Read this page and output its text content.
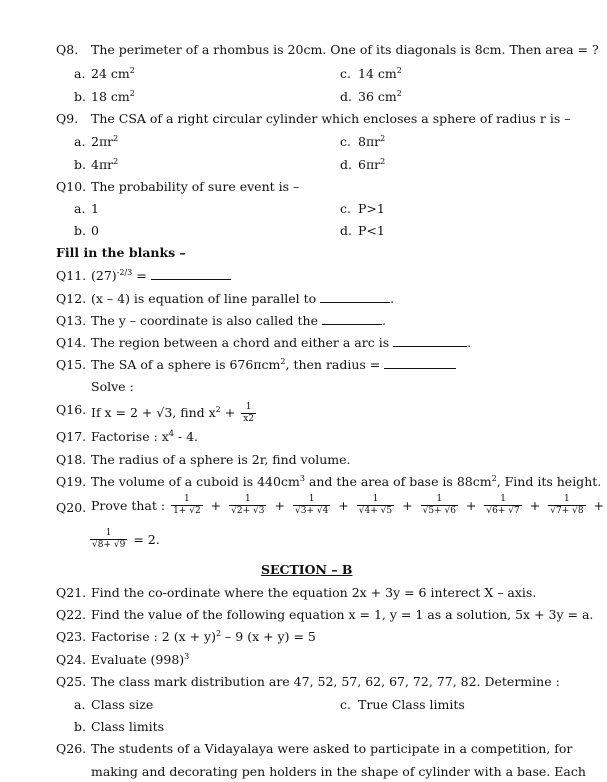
Q8. The perimeter of a rhombus is 20cm. One of its diagonals is 8cm. Then area = ?
a. 24 $cm^2$	c. 14 $cm^2$
b. 18 $cm^2$	d. 36 $cm^2$
Q9. The CSA of a right circular cylinder which encloses a sphere of radius r is –
a. $2\pi r^2$	c. $8\pi r^2$
b. $4\pi r^2$	d. $6\pi r^2$
Q10. The probability of sure event is –
a. 1	c. P>1
b. 0	d. P<1
Fill in the blanks –
Q11. $(27)^{-2/3}$ =
Q12. (x – 4) is equation of line parallel to	.
Q13. The y – coordinate is also called the	.
Q14. The region between a chord and either a arc is	.
Q15. The SA of a sphere is 676πcm$^2$, then radius =
Solve :
Q16. If x = 2 + √3, find $x^2 + \frac{1}{x2}$
Q17. Factorise : $x^4 - 4$.
Q18. The radius of a sphere is 2r, find volume.
Q19. The volume of a cuboid is $440cm^3$ and the area of base is $88cm^2$, Find its height.
Q20. Prove that : $\frac{1}{1+ √2} + \frac{1}{√2+ √3} + \frac{1}{√3+ √4} + \frac{1}{√4+ √5} + \frac{1}{√5+ √6} + \frac{1}{√6+ √7} + \frac{1}{√7+ √8}$ +
$\frac{1}{√8+ √9} = 2$.
SECTION – B
Q21. Find the co-ordinate where the equation 2x + 3y = 6 interect X – axis.
Q22. Find the value of the following equation x = 1, y = 1 as a solution, 5x + 3y = a.
Q23. Factorise : 2 $(x + y)^2 - 9$ (x + y) = 5
Q24. Evaluate $(998)^3$
Q25. The class mark distribution are 47, 52, 57, 62, 67, 72, 77, 82. Determine :
a. Class size	c. True Class limits
b. Class limits
Q26. The students of a Vidayalaya were asked to participate in a competition, for
making and decorating pen holders in the shape of cylinder with a base. Each
